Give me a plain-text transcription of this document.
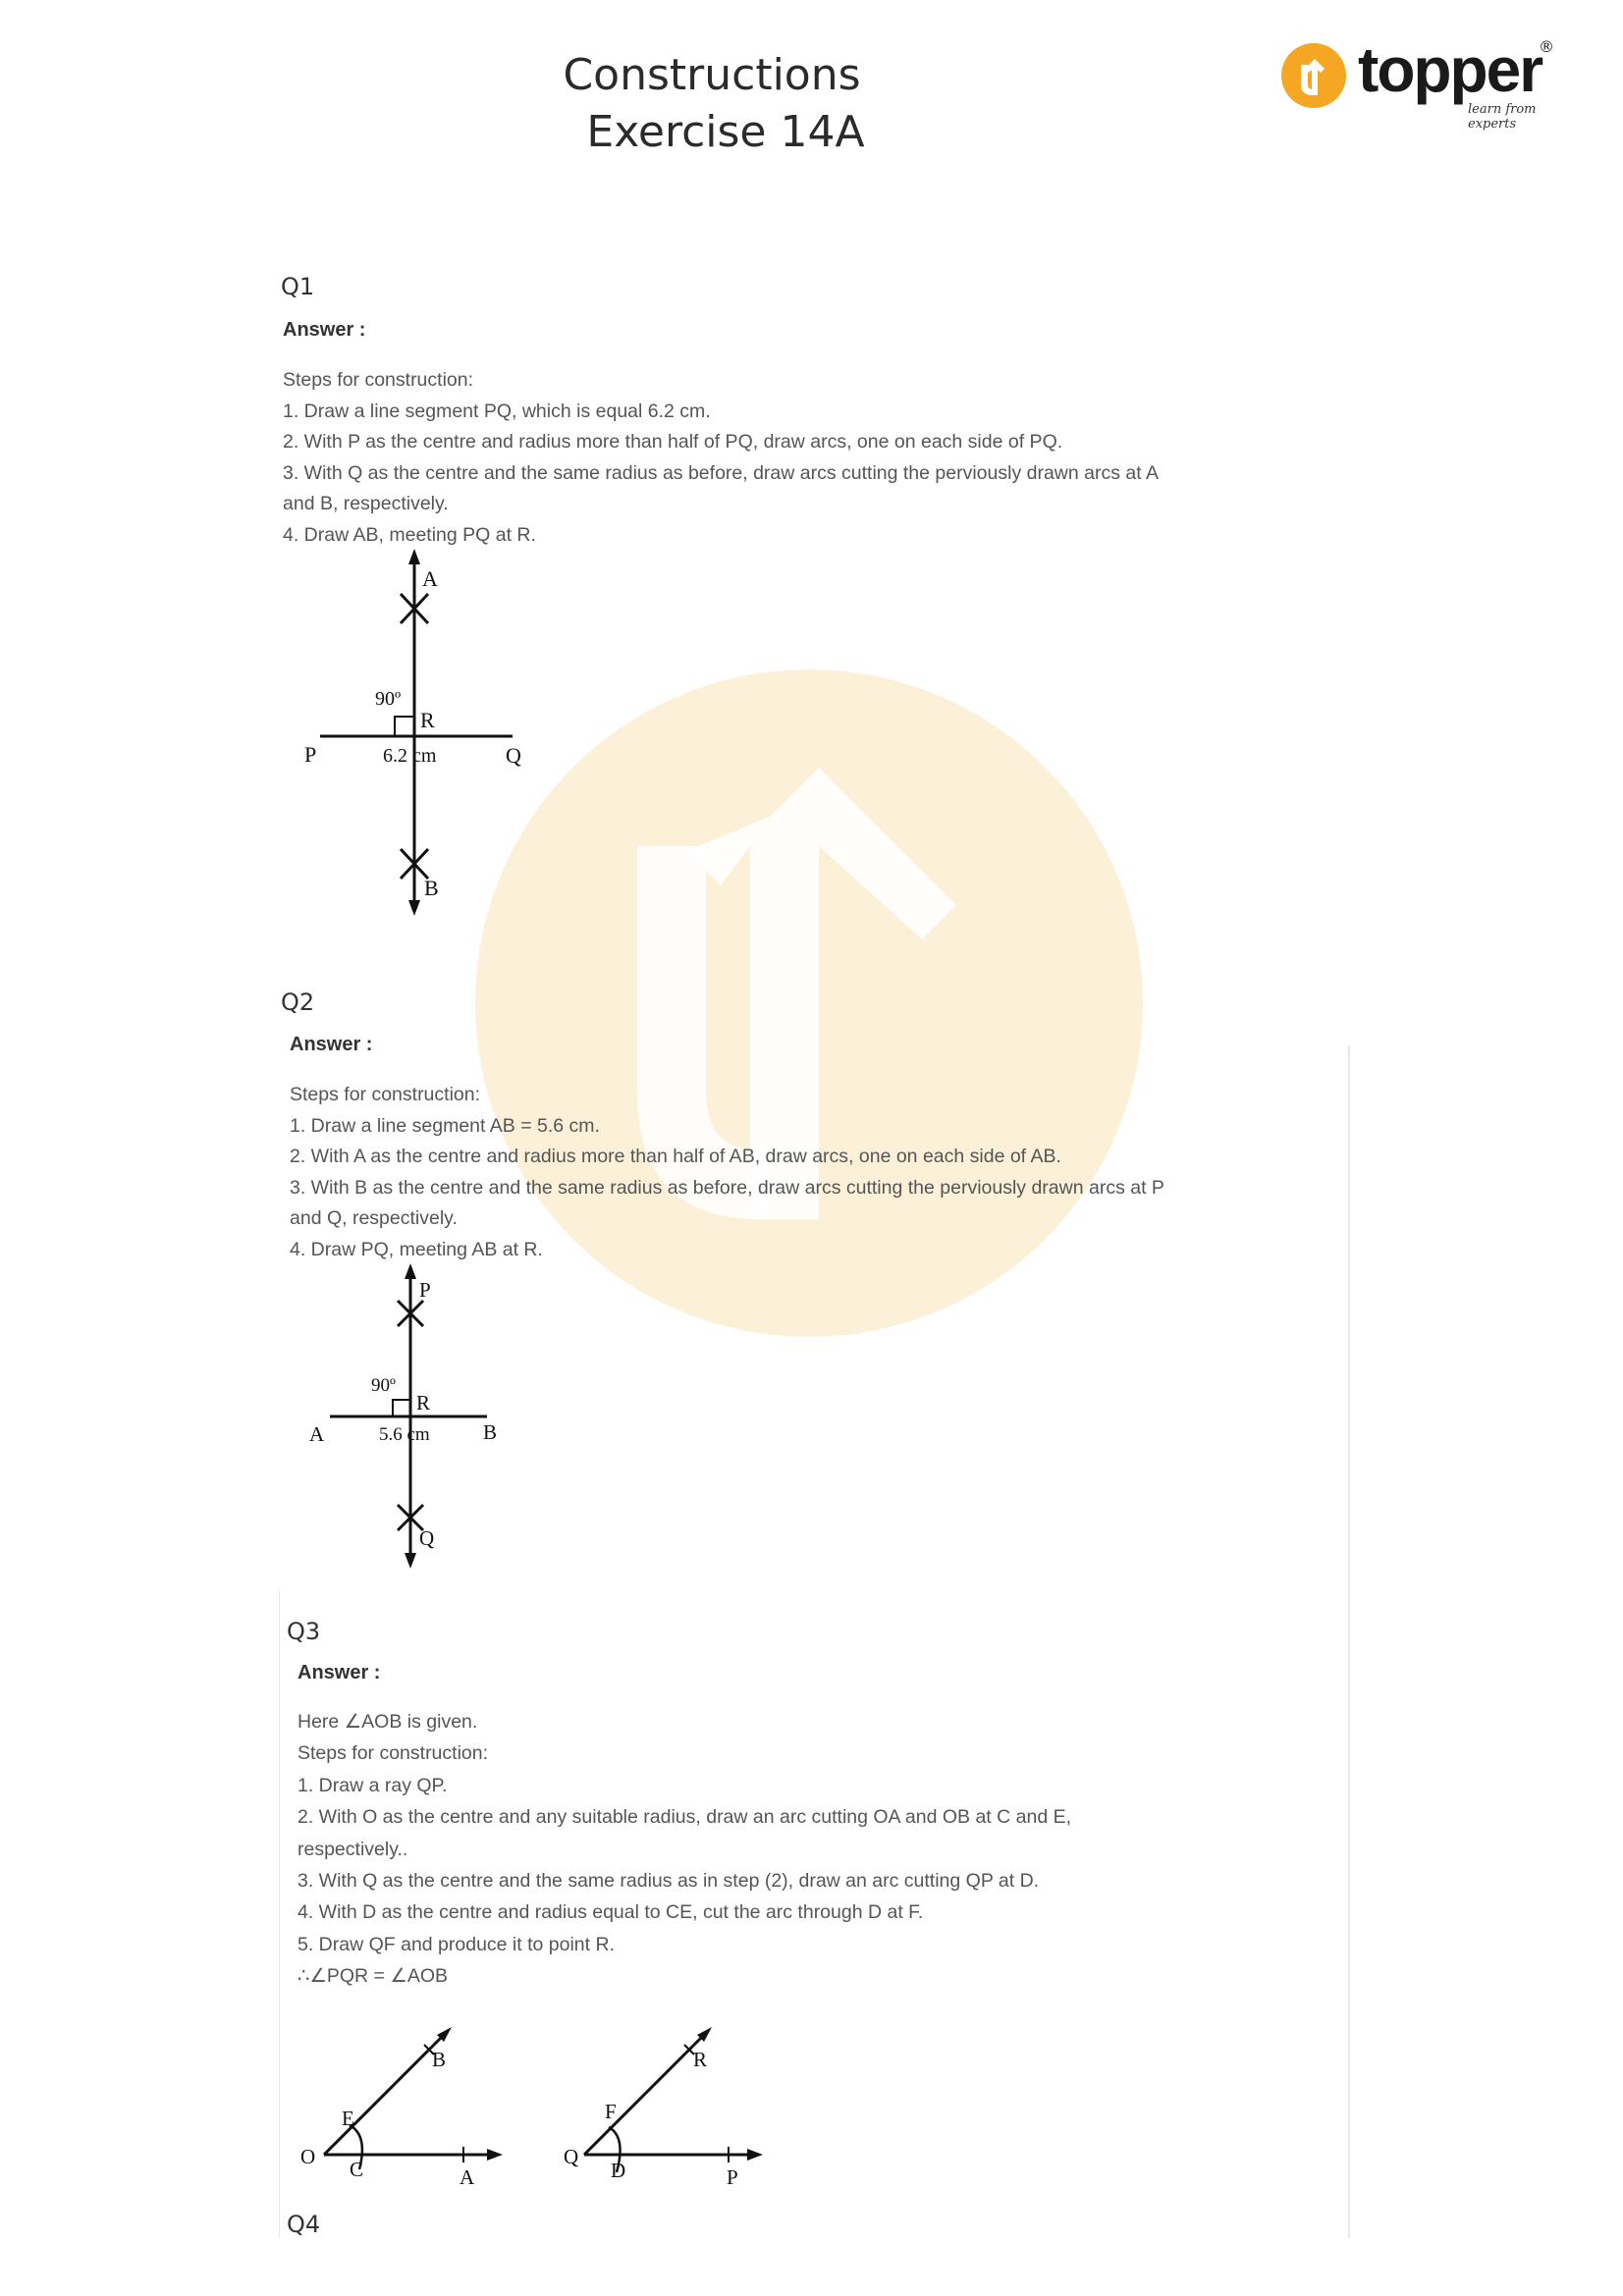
Constructions
Exercise 14A
topper
learn from experts
®
Q1
Answer :
Steps for construction:
1. Draw a line segment PQ, which is equal 6.2 cm.
2. With P as the centre and radius more than half of PQ, draw arcs, one on each side of PQ.
3. With Q as the centre and the same radius as before, draw arcs cutting the perviously drawn arcs at A
and B, respectively.
4. Draw AB, meeting PQ at R.
A
B
P	Q
R
90º
6.2 cm
Q2
Answer :
Steps for construction:
1. Draw a line segment AB = 5.6 cm.
2. With A as the centre and radius more than half of AB, draw arcs, one on each side of AB.
3. With B as the centre and the same radius as before, draw arcs cutting the perviously drawn arcs at P
and Q, respectively.
4. Draw PQ, meeting AB at R.
P
Q
A	B
R
90º
5.6 cm
Q3
Answer :
Here ∠AOB is given.
Steps for construction:
1. Draw a ray QP.
2. With O as the centre and any suitable radius, draw an arc cutting OA and OB at C and E,
respectively..
3. With Q as the centre and the same radius as in step (2), draw an arc cutting QP at D.
4. With D as the centre and radius equal to CE, cut the arc through D at F.
5. Draw QF and produce it to point R.
∴∠PQR = ∠AOB
O
C	A
E
B
Q
D	P
F
R
Q4
